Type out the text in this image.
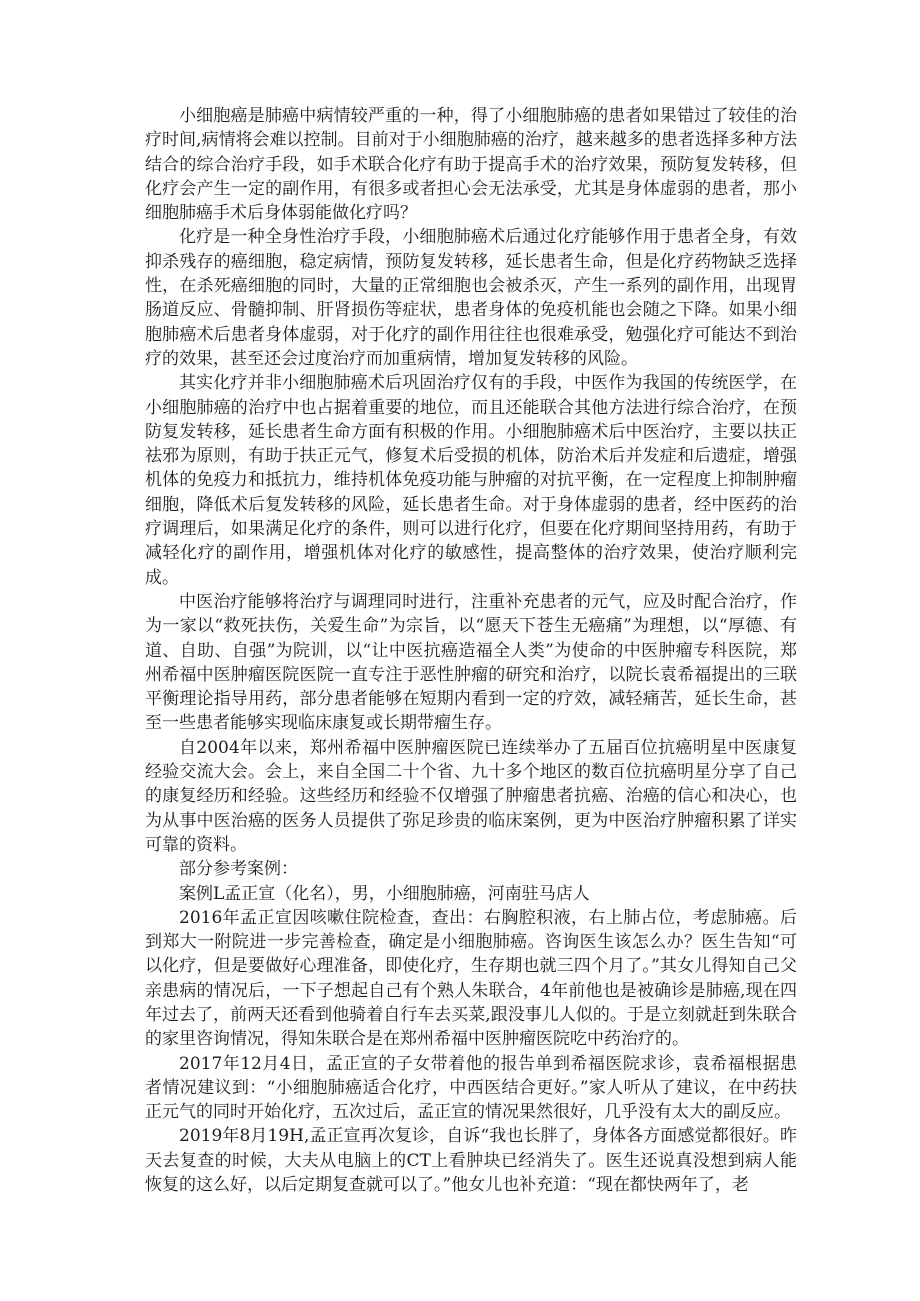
小细胞癌是肺癌中病情较严重的一种，得了小细胞肺癌的患者如果错过了较佳的治疗时间,病情将会难以控制。目前对于小细胞肺癌的治疗，越来越多的患者选择多种方法结合的综合治疗手段，如手术联合化疗有助于提高手术的治疗效果，预防复发转移，但化疗会产生一定的副作用，有很多或者担心会无法承受，尤其是身体虚弱的患者，那小细胞肺癌手术后身体弱能做化疗吗？

化疗是一种全身性治疗手段，小细胞肺癌术后通过化疗能够作用于患者全身，有效抑杀残存的癌细胞，稳定病情，预防复发转移，延长患者生命，但是化疗药物缺乏选择性，在杀死癌细胞的同时，大量的正常细胞也会被杀灭，产生一系列的副作用，出现胃肠道反应、骨髓抑制、肝肾损伤等症状，患者身体的免疫机能也会随之下降。如果小细胞肺癌术后患者身体虚弱，对于化疗的副作用往往也很难承受，勉强化疗可能达不到治疗的效果，甚至还会过度治疗而加重病情，增加复发转移的风险。

其实化疗并非小细胞肺癌术后巩固治疗仅有的手段，中医作为我国的传统医学，在小细胞肺癌的治疗中也占据着重要的地位，而且还能联合其他方法进行综合治疗，在预防复发转移，延长患者生命方面有积极的作用。小细胞肺癌术后中医治疗，主要以扶正祛邪为原则，有助于扶正元气，修复术后受损的机体，防治术后并发症和后遗症，增强机体的免疫力和抵抗力，维持机体免疫功能与肿瘤的对抗平衡，在一定程度上抑制肿瘤细胞，降低术后复发转移的风险，延长患者生命。对于身体虚弱的患者，经中医药的治疗调理后，如果满足化疗的条件，则可以进行化疗，但要在化疗期间坚持用药，有助于减轻化疗的副作用，增强机体对化疗的敏感性，提高整体的治疗效果，使治疗顺利完成。

中医治疗能够将治疗与调理同时进行，注重补充患者的元气，应及时配合治疗，作为一家以“救死扶伤，关爱生命”为宗旨，以“愿天下苍生无癌痛”为理想，以“厚德、有道、自助、自强”为院训，以“让中医抗癌造福全人类”为使命的中医肿瘤专科医院，郑州希福中医肿瘤医院医院一直专注于恶性肿瘤的研究和治疗，以院长袁希福提出的三联平衡理论指导用药，部分患者能够在短期内看到一定的疗效，减轻痛苦，延长生命，甚至一些患者能够实现临床康复或长期带瘤生存。

自2004年以来，郑州希福中医肿瘤医院已连续举办了五届百位抗癌明星中医康复经验交流大会。会上，来自全国二十个省、九十多个地区的数百位抗癌明星分享了自己的康复经历和经验。这些经历和经验不仅增强了肿瘤患者抗癌、治癌的信心和决心，也为从事中医治癌的医务人员提供了弥足珍贵的临床案例，更为中医治疗肿瘤积累了详实可靠的资料。

部分参考案例：

案例L孟正宣（化名），男，小细胞肺癌，河南驻马店人

2016年孟正宣因咳嗽住院检查，查出：右胸腔积液，右上肺占位，考虑肺癌。后到郑大一附院进一步完善检查，确定是小细胞肺癌。咨询医生该怎么办？医生告知“可以化疗，但是要做好心理准备，即使化疗，生存期也就三四个月了。”其女儿得知自己父亲患病的情况后，一下子想起自己有个熟人朱联合，4年前他也是被确诊是肺癌,现在四年过去了，前两天还看到他骑着自行车去买菜,跟没事儿人似的。于是立刻就赶到朱联合的家里咨询情况，得知朱联合是在郑州希福中医肿瘤医院吃中药治疗的。

2017年12月4日，孟正宣的子女带着他的报告单到希福医院求诊，袁希福根据患者情况建议到：“小细胞肺癌适合化疗，中西医结合更好。”家人听从了建议，在中药扶正元气的同时开始化疗，五次过后，孟正宣的情况果然很好，几乎没有太大的副反应。

2019年8月19H,孟正宣再次复诊，自诉“我也长胖了，身体各方面感觉都很好。昨天去复查的时候，大夫从电脑上的CT上看肿块已经消失了。医生还说真没想到病人能恢复的这么好，以后定期复查就可以了。”他女儿也补充道：“现在都快两年了，老
